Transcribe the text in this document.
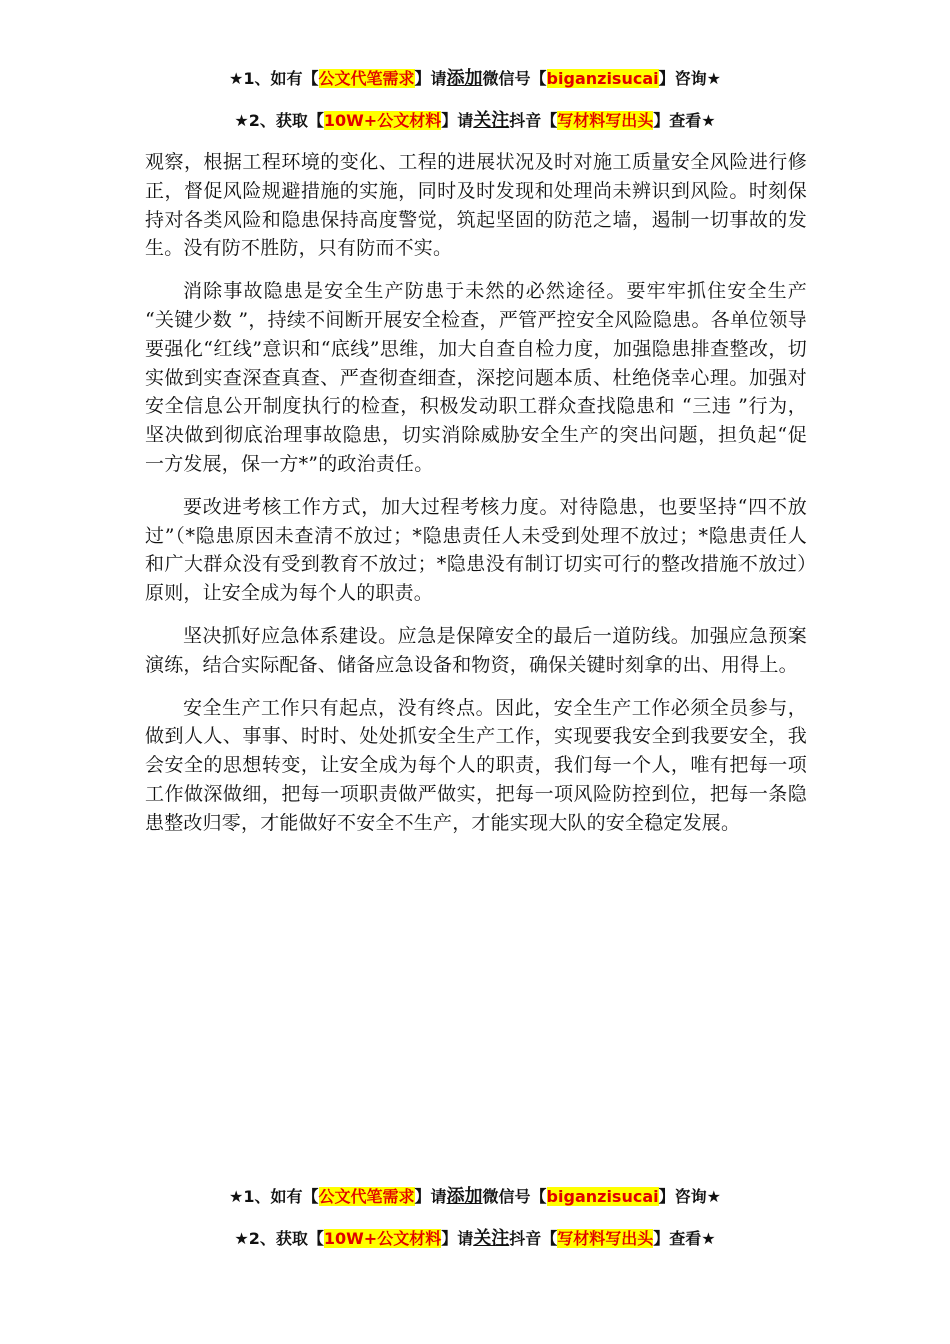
★1、如有【公文代笔需求】请添加微信号【biganzisucai】咨询★
★2、获取【10W+公文材料】请关注抖音【写材料写出头】查看★

观察，根据工程环境的变化、工程的进展状况及时对施工质量安全风险进行修正，督促风险规避措施的实施，同时及时发现和处理尚未辨识到风险。时刻保持对各类风险和隐患保持高度警觉，筑起坚固的防范之墙，遏制一切事故的发生。没有防不胜防，只有防而不实。

消除事故隐患是安全生产防患于未然的必然途径。要牢牢抓住安全生产 “关键少数 ”，持续不间断开展安全检查，严管严控安全风险隐患。各单位领导要强化“红线”意识和“底线”思维，加大自查自检力度，加强隐患排查整改，切实做到实查深查真查、严查彻查细查，深挖问题本质、杜绝侥幸心理。加强对安全信息公开制度执行的检查，积极发动职工群众查找隐患和 “三违 ”行为，坚决做到彻底治理事故隐患，切实消除威胁安全生产的突出问题，担负起“促一方发展，保一方*”的政治责任。

要改进考核工作方式，加大过程考核力度。对待隐患，也要坚持“四不放过”（*隐患原因未查清不放过；*隐患责任人未受到处理不放过；*隐患责任人和广大群众没有受到教育不放过；*隐患没有制订切实可行的整改措施不放过）原则，让安全成为每个人的职责。

坚决抓好应急体系建设。应急是保障安全的最后一道防线。加强应急预案演练，结合实际配备、储备应急设备和物资，确保关键时刻拿的出、用得上。

安全生产工作只有起点，没有终点。因此，安全生产工作必须全员参与，做到人人、事事、时时、处处抓安全生产工作，实现要我安全到我要安全，我会安全的思想转变，让安全成为每个人的职责，我们每一个人，唯有把每一项工作做深做细，把每一项职责做严做实，把每一项风险防控到位，把每一条隐患整改归零，才能做好不安全不生产，才能实现大队的安全稳定发展。

★1、如有【公文代笔需求】请添加微信号【biganzisucai】咨询★
★2、获取【10W+公文材料】请关注抖音【写材料写出头】查看★
